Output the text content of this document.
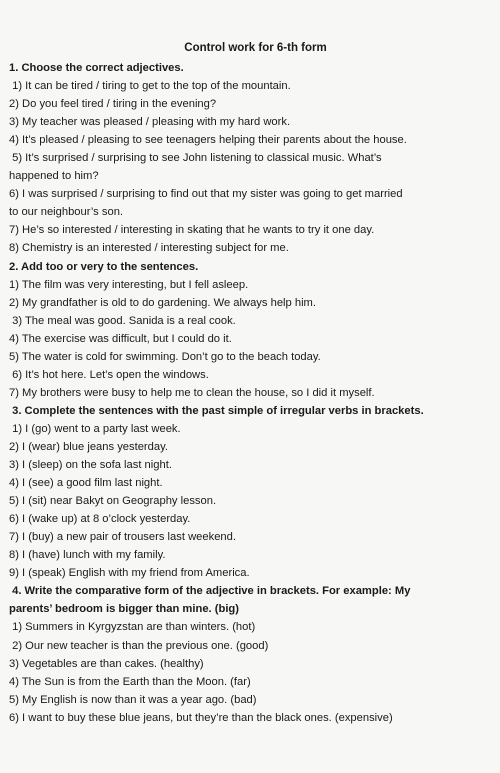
Control work for 6-th form
1. Choose the correct adjectives.
1) It can be tired / tiring to get to the top of the mountain.
2) Do you feel tired / tiring in the evening?
3) My teacher was pleased / pleasing with my hard work.
4) It’s pleased / pleasing to see teenagers helping their parents about the house.
5) It’s surprised / surprising to see John listening to classical music. What’s
happened to him?
6) I was surprised / surprising to find out that my sister was going to get married
to our neighbour’s son.
7) He’s so interested / interesting in skating that he wants to try it one day.
8) Chemistry is an interested / interesting subject for me.
2. Add too or very to the sentences.
1) The film was very interesting, but I fell asleep.
2) My grandfather is old to do gardening. We always help him.
3) The meal was good. Sanida is a real cook.
4) The exercise was difficult, but I could do it.
5) The water is cold for swimming. Don’t go to the beach today.
6) It’s hot here. Let’s open the windows.
7) My brothers were busy to help me to clean the house, so I did it myself.
3. Complete the sentences with the past simple of irregular verbs in brackets.
1) I (go) went to a party last week.
2) I (wear) blue jeans yesterday.
3) I (sleep) on the sofa last night.
4) I (see) a good film last night.
5) I (sit) near Bakyt on Geography lesson.
6) I (wake up) at 8 o’clock yesterday.
7) I (buy) a new pair of trousers last weekend.
8) I (have) lunch with my family.
9) I (speak) English with my friend from America.
4. Write the comparative form of the adjective in brackets. For example: My
parents’ bedroom is bigger than mine. (big)
1) Summers in Kyrgyzstan are than winters. (hot)
2) Our new teacher is than the previous one. (good)
3) Vegetables are than cakes. (healthy)
4) The Sun is from the Earth than the Moon. (far)
5) My English is now than it was a year ago. (bad)
6) I want to buy these blue jeans, but they’re than the black ones. (expensive)
